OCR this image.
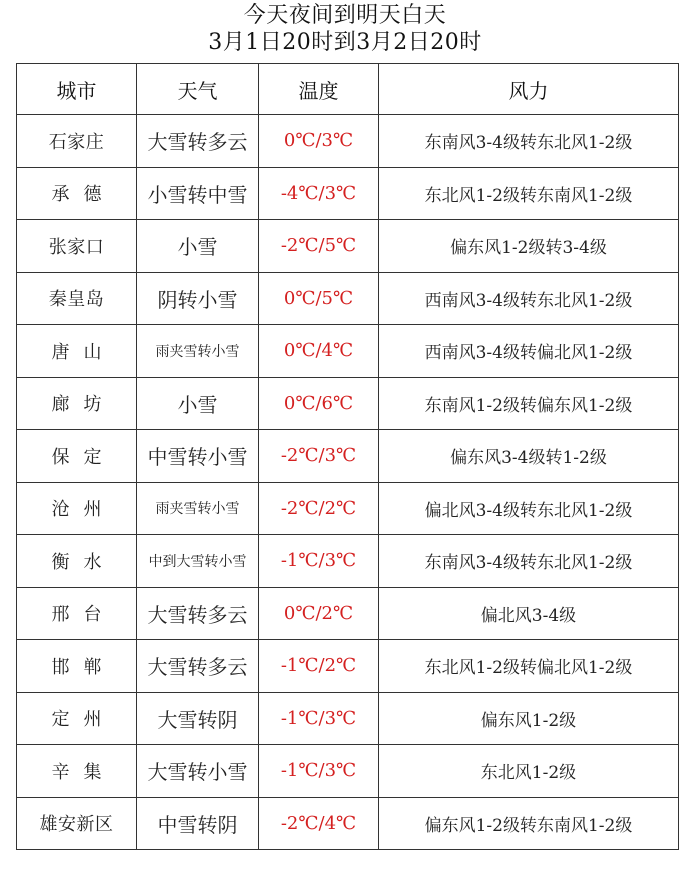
今天夜间到明天白天
3月1日20时到3月2日20时
城市	天气	温度	风力
石家庄	大雪转多云	0℃/3℃	东南风3-4级转东北风1-2级
承德	小雪转中雪	-4℃/3℃	东北风1-2级转东南风1-2级
张家口	小雪	-2℃/5℃	偏东风1-2级转3-4级
秦皇岛	阴转小雪	0℃/5℃	西南风3-4级转东北风1-2级
唐山	雨夹雪转小雪	0℃/4℃	西南风3-4级转偏北风1-2级
廊坊	小雪	0℃/6℃	东南风1-2级转偏东风1-2级
保定	中雪转小雪	-2℃/3℃	偏东风3-4级转1-2级
沧州	雨夹雪转小雪	-2℃/2℃	偏北风3-4级转东北风1-2级
衡水	中到大雪转小雪	-1℃/3℃	东南风3-4级转东北风1-2级
邢台	大雪转多云	0℃/2℃	偏北风3-4级
邯郸	大雪转多云	-1℃/2℃	东北风1-2级转偏北风1-2级
定州	大雪转阴	-1℃/3℃	偏东风1-2级
辛集	大雪转小雪	-1℃/3℃	东北风1-2级
雄安新区	中雪转阴	-2℃/4℃	偏东风1-2级转东南风1-2级
